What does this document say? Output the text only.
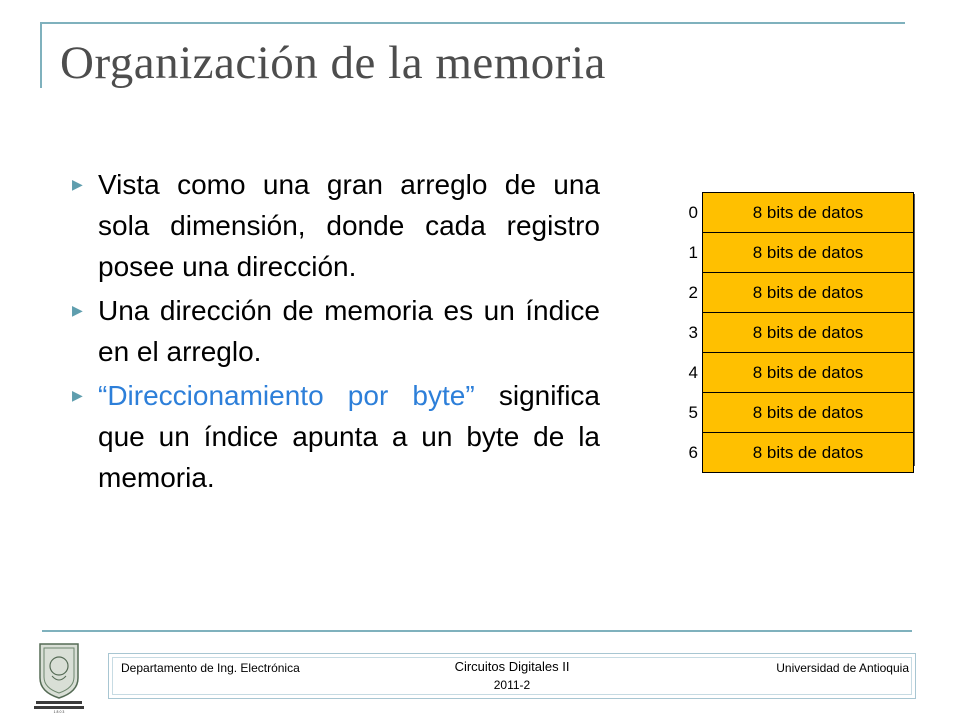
Organización de la memoria
▶ Vista como una gran arreglo de una sola dimensión, donde cada registro posee una dirección.
▶ Una dirección de memoria es un índice en el arreglo.
▶ “Direccionamiento por byte” significa que un índice apunta a un byte de la memoria.
0	8 bits de datos
1	8 bits de datos
2	8 bits de datos
3	8 bits de datos
4	8 bits de datos
5	8 bits de datos
6	8 bits de datos
1 8 0 3
Departamento de Ing. Electrónica	Circuitos Digitales II	Universidad de Antioquia
2011-2
